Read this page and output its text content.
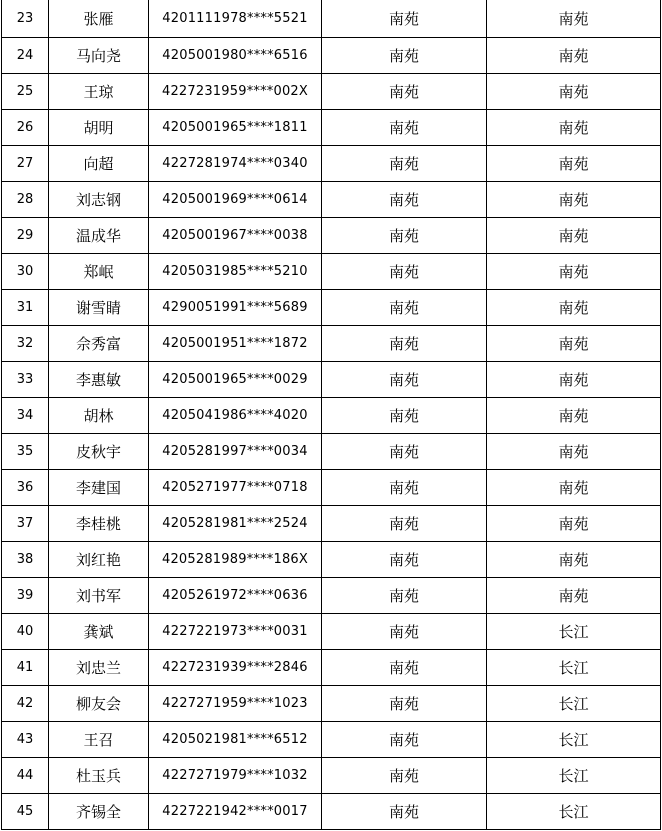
23	张雁	4201111978****5521	南苑	南苑
24	马向尧	4205001980****6516	南苑	南苑
25	王琼	4227231959****002X	南苑	南苑
26	胡明	4205001965****1811	南苑	南苑
27	向超	4227281974****0340	南苑	南苑
28	刘志钢	4205001969****0614	南苑	南苑
29	温成华	4205001967****0038	南苑	南苑
30	郑岷	4205031985****5210	南苑	南苑
31	谢雪睛	4290051991****5689	南苑	南苑
32	佘秀富	4205001951****1872	南苑	南苑
33	李惠敏	4205001965****0029	南苑	南苑
34	胡林	4205041986****4020	南苑	南苑
35	皮秋宇	4205281997****0034	南苑	南苑
36	李建国	4205271977****0718	南苑	南苑
37	李桂桃	4205281981****2524	南苑	南苑
38	刘红艳	4205281989****186X	南苑	南苑
39	刘书军	4205261972****0636	南苑	南苑
40	龚斌	4227221973****0031	南苑	长江
41	刘忠兰	4227231939****2846	南苑	长江
42	柳友会	4227271959****1023	南苑	长江
43	王召	4205021981****6512	南苑	长江
44	杜玉兵	4227271979****1032	南苑	长江
45	齐锡全	4227221942****0017	南苑	长江
